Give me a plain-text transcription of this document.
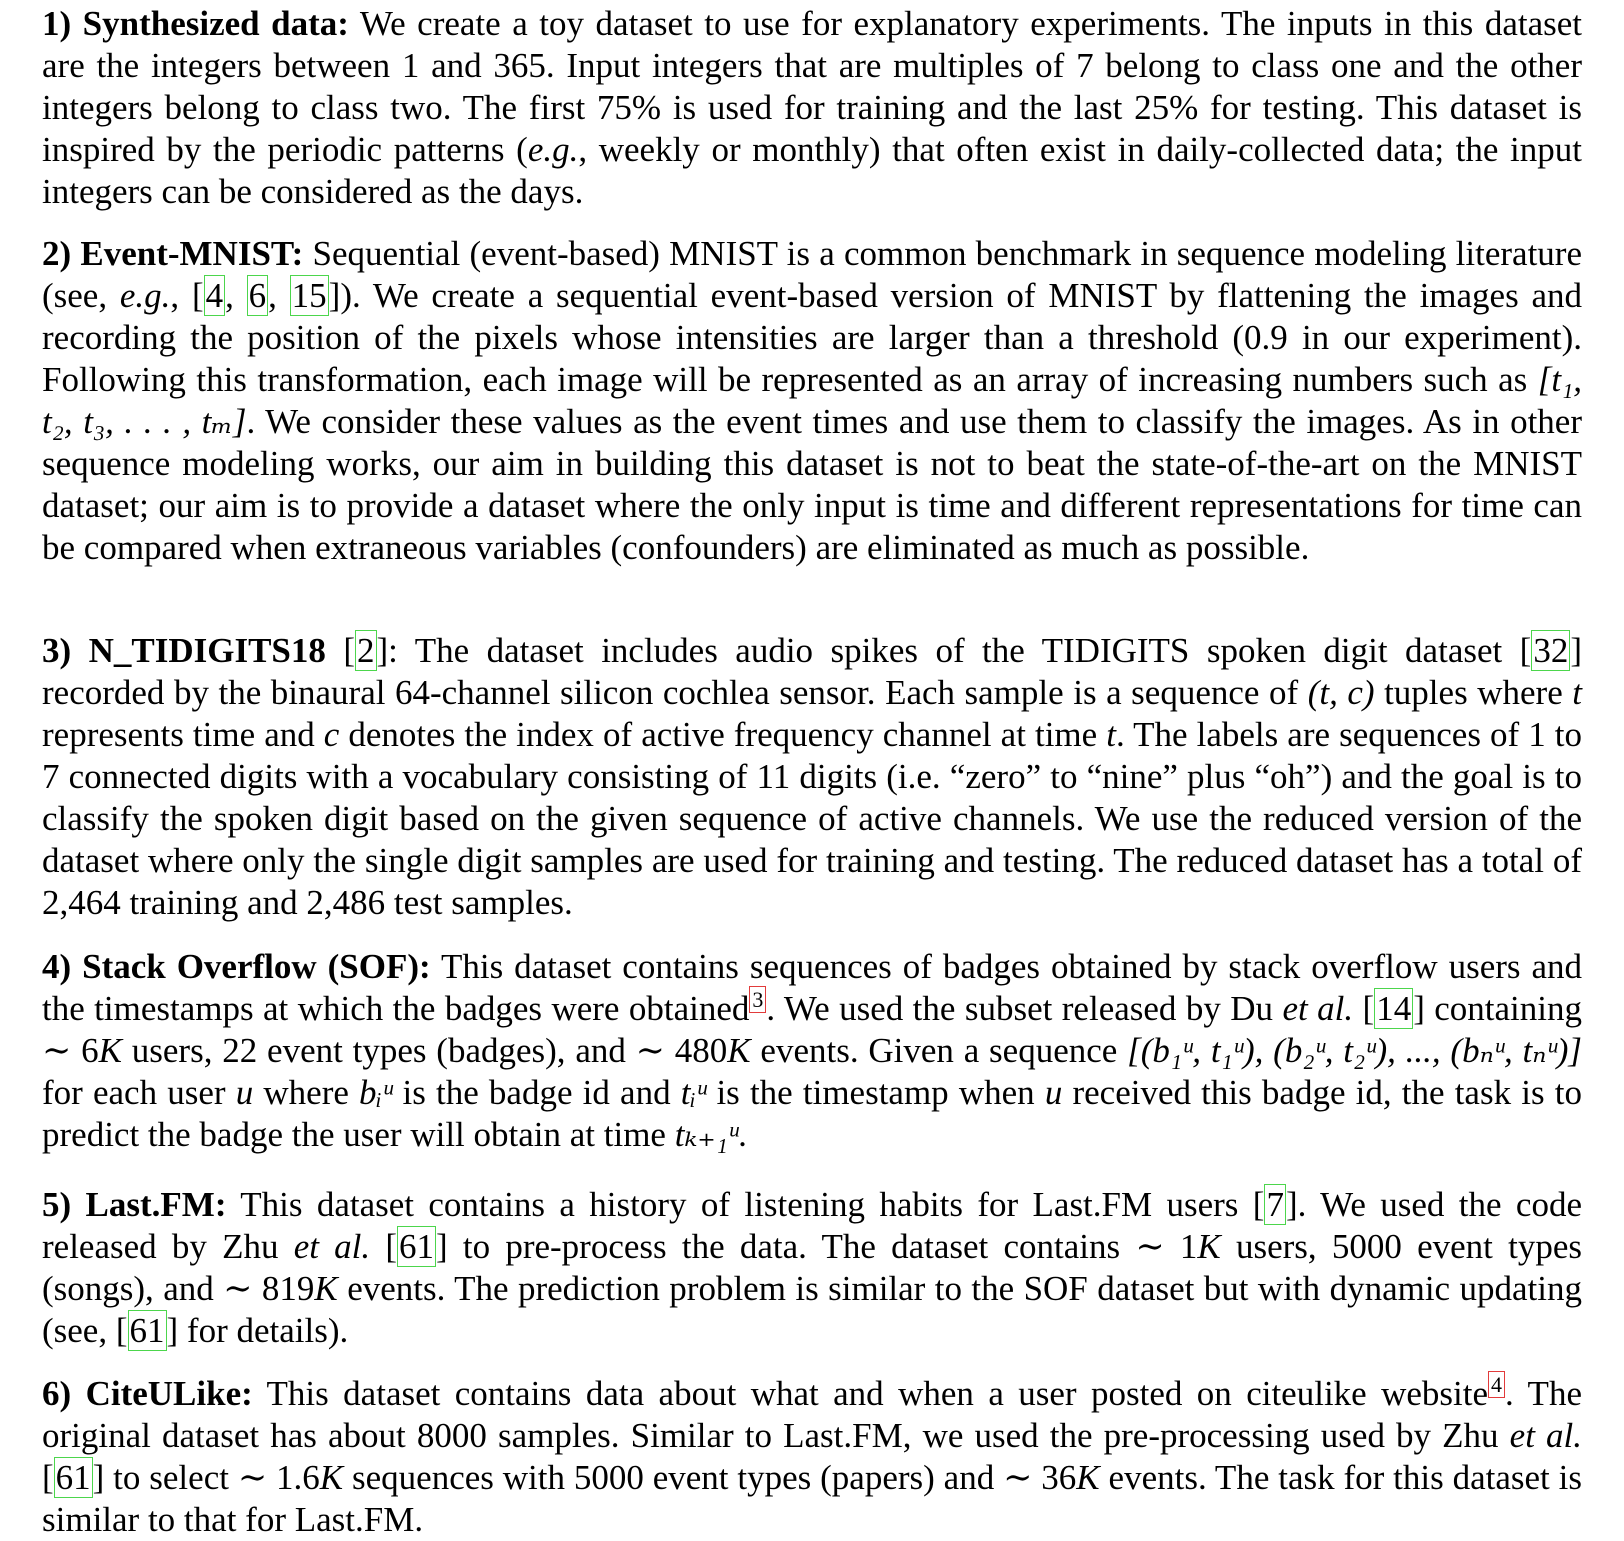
1) Synthesized data: We create a toy dataset to use for explanatory experiments. The inputs in this dataset are the integers between 1 and 365. Input integers that are multiples of 7 belong to class one and the other integers belong to class two. The first 75% is used for training and the last 25% for testing. This dataset is inspired by the periodic patterns (e.g., weekly or monthly) that often exist in daily-collected data; the input integers can be considered as the days.

2) Event-MNIST: Sequential (event-based) MNIST is a common benchmark in sequence modeling literature (see, e.g., [4, 6, 15]). We create a sequential event-based version of MNIST by flattening the images and recording the position of the pixels whose intensities are larger than a threshold (0.9 in our experiment). Following this transformation, each image will be represented as an array of increasing numbers such as [t₁, t₂, t₃, . . . , tₘ]. We consider these values as the event times and use them to classify the images. As in other sequence modeling works, our aim in building this dataset is not to beat the state-of-the-art on the MNIST dataset; our aim is to provide a dataset where the only input is time and different representations for time can be compared when extraneous variables (confounders) are eliminated as much as possible.

3) N_TIDIGITS18 [2]: The dataset includes audio spikes of the TIDIGITS spoken digit dataset [32] recorded by the binaural 64-channel silicon cochlea sensor. Each sample is a sequence of (t, c) tuples where t represents time and c denotes the index of active frequency channel at time t. The labels are sequences of 1 to 7 connected digits with a vocabulary consisting of 11 digits (i.e. “zero” to “nine” plus “oh”) and the goal is to classify the spoken digit based on the given sequence of active channels. We use the reduced version of the dataset where only the single digit samples are used for training and testing. The reduced dataset has a total of 2,464 training and 2,486 test samples.

4) Stack Overflow (SOF): This dataset contains sequences of badges obtained by stack overflow users and the timestamps at which the badges were obtained $^3$. We used the subset released by Du et al. [14] containing ∼ 6K users, 22 event types (badges), and ∼ 480K events. Given a sequence [(b₁ᵘ, t₁ᵘ), (b₂ᵘ, t₂ᵘ), ..., (bₙᵘ, tₙᵘ)] for each user u where bᵢᵘ is the badge id and tᵢᵘ is the timestamp when u received this badge id, the task is to predict the badge the user will obtain at time tₖ₊₁ᵘ.

5) Last.FM: This dataset contains a history of listening habits for Last.FM users [7]. We used the code released by Zhu et al. [61] to pre-process the data. The dataset contains ∼ 1K users, 5000 event types (songs), and ∼ 819K events. The prediction problem is similar to the SOF dataset but with dynamic updating (see, [61] for details).

6) CiteULike: This dataset contains data about what and when a user posted on citeulike website $^4$. The original dataset has about 8000 samples. Similar to Last.FM, we used the pre-processing used by Zhu et al. [61] to select ∼ 1.6K sequences with 5000 event types (papers) and ∼ 36K events. The task for this dataset is similar to that for Last.FM.
